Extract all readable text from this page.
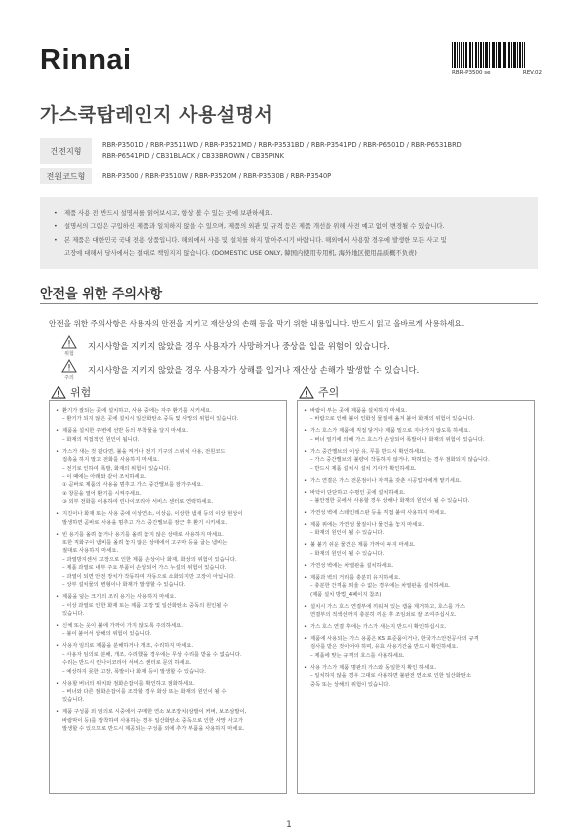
Rinnai	RBR-P3500 se	REV.02
가스쿡탑레인지 사용설명서
건전지형
RBR-P3501D / RBR-P3511WD / RBR-P3521MD / RBR-P3531BD / RBR-P3541PD / RBR-P6501D / RBR-P6531BRD
RBR-P6541PID / CB31BLACK / CB33BROWN / CB35PINK
전원코드형	RBR-P3500 / RBR-P3510W / RBR-P3520M / RBR-P3530B / RBR-P3540P
• 제품 사용 전 반드시 설명서를 읽어보시고, 항상 볼 수 있는 곳에 보관하세요.
• 설명서의 그림은 구입하신 제품과 일치하지 않을 수 있으며, 제품의 외관 및 규격 등은 제품 개선을 위해 사전 예고 없이 변경될 수 있습니다.
• 본 제품은 대한민국 국내 전용 상품입니다. 해외에서 사용 및 설치를 하지 말아주시기 바랍니다. 해외에서 사용할 경우에 발생한 모든 사고 및
고장에 대해서 당사에서는 절대로 책임지지 않습니다. (DOMESTIC USE ONLY, 韓国内使用专用机, 海外地区使用品质概不负责)
안전을 위한 주의사항

안전을 위한 주의사항은 사용자의 안전을 지키고 재산상의 손해 등을 막기 위한 내용입니다. 반드시 읽고 올바르게 사용하세요.

위험
지시사항을 지키지 않았을 경우 사용자가 사망하거나 중상을 입을 위험이 있습니다.
주의
지시사항을 지키지 않았을 경우 사용자가 상해를 입거나 재산상 손해가 발생할 수 있습니다.
위험	주의
• 환기가 잘되는 곳에 설치하고, 사용 중에는 자주 환기를 시키세요.
– 환기가 되지 않은 곳에 설치시 일산화탄소 중독 및 사망의 위험이 있습니다.
• 제품을 설치한 주변에 선반 등의 부착물을 달지 마세요.
– 화재의 직접적인 원인이 됩니다.
• 가스가 새는 것 같다면, 불을 켜거나 전기 기구의 스위치 사용, 전원코드
접촉을 하지 말고 전화를 사용하지 마세요.
– 전기로 인하여 폭발, 화재의 위험이 있습니다.
– 이 때에는 아래와 같이 조치하세요.
① 곧바로 제품의 사용을 멈추고 가스 중간밸브를 잠가주세요.
② 창문을 열어 환기를 시켜주세요.
③ 외부 전화를 이용하여 린나이코리아 서비스 센터로 연락하세요.
• 지진이나 화재 또는 사용 중에 이상연소, 이상음, 이상한 냄새 등의 이상 현상이
발생하면 곧바로 사용을 멈추고 가스 중간밸브를 잠근 후 환기 시키세요.
• 빈 용기를 올려 놓거나 용기를 올려 놓지 않은 상태로 사용하지 마세요.
또한 직화구이 냄비를 올려 놓지 않은 상태에서 고구마 등을 굽는 냄비는
절대로 사용하지 마세요.
– 과열방지센서 고장으로 인한 제품 손상이나 화재, 화상의 위험이 있습니다.
– 제품 과열로 내부 주요 부품이 손상되어 가스 누설의 위험이 있습니다.
– 과열이 되면 안전 장치가 작동하여 자동으로 소화되지만 고장이 아닙니다.
– 상부 설치물의 변형이나 화재가 발생할 수 있습니다.
• 제품을 덮는 크기의 조리 용기는 사용하지 마세요.
– 이상 과열로 인한 화재 또는 제품 고장 및 일산화탄소 중독의 원인될 수
있습니다.
• 신체 또는 옷이 불에 가까이 가지 않도록 주의하세요.
– 불이 붙어서 상해의 위험이 있습니다.
• 사용자 임의로 제품을 분해하거나 개조, 수리하지 마세요.
– 사용자 임의로 분해, 개조, 수리했을 경우에는 무상 수리를 받을 수 없습니다.
수리는 반드시 린나이코리아 서비스 센터로 문의 하세요.
– 예상하지 못한 고장, 폭발이나 화재 등이 발생할 수 있습니다.
• 사용할 버너의 위치와 점화손잡이를 확인하고 점화하세요.
– 버너와 다른 점화손잡이를 조작할 경우 화상 또는 화재의 원인이 될 수
있습니다.
• 제품 구성품 외 임의로 시중에서 구매한 연소 보조장치(삼발이 커버, 보조삼발이,
바람막이 등)를 장착하여 사용하는 경우 일산화탄소 중독으로 인한 사망 사고가
발생할 수 있으므로 반드시 제공되는 구성품 외에 추가 부품을 사용하지 마세요.
• 바람이 부는 곳에 제품을 설치하지 마세요.
– 바람으로 인해 불이 인화성 물질에 옮겨 붙어 화재의 위험이 있습니다.
• 가스 호스가 제품에 직접 닿거나 제품 밑으로 지나가지 않도록 하세요.
– 버너 열기에 의해 가스 호스가 손상되어 폭발이나 화재의 위험이 있습니다.
• 가스 중간밸브의 이상 유, 무를 반드시 확인하세요.
– 가스 중간밸브의 불량이 작동하지 않거나, 막혀있는 경우 점화되지 않습니다.
– 반드시 제품 설치시 설치 기사가 확인하세요.
• 가스 연결은 가스 전문점이나 자격을 갖춘 시공업자에게 맡기세요.
• 바닥이 단단하고 수평인 곳에 설치하세요.
– 불안정한 곳에서 사용할 경우 상해나 화재의 원인이 될 수 있습니다.
• 가연성 벽에 스테인레스판 등을 직접 붙여 사용하지 마세요.
• 제품 위에는 가연성 물질이나 물건을 놓지 마세요.
– 화재의 원인이 될 수 있습니다.
• 불 붙기 쉬운 물건은 제품 가까이 두지 마세요.
– 화재의 원인이 될 수 있습니다.
• 가연성 벽에는 차열판을 설치하세요.
• 제품과 벽의 거리를 충분히 유지하세요.
– 충분한 간격을 띄울 수 없는 경우에는 차열판을 설치하세요.
(제품 설치 방법_4페이지 참조)
• 설치시 가스 호스 연결부에 끼워져 있는 캡을 제거하고, 호스를 가스
연결부의 적색선까지 충분히 끼운 후 조임쇠로 잘 조여주십시오.
• 가스 호스 연결 후에는 가스가 새는지 반드시 확인하십시오.
• 제품에 사용되는 가스 용품은 KS 표준품이거나, 한국가스안전공사의 규격
검사를 받은 것이어야 하며, 유효 사용기간을 반드시 확인하세요.
– 제품에 맞는 규격의 호스를 사용하세요.
• 사용 가스가 제품 명판의 가스와 동일한지 확인 하세요.
– 일치하지 않을 경우 그대로 사용하면 불완전 연소로 인한 일산화탄소
중독 또는 상해의 위험이 있습니다.
1
